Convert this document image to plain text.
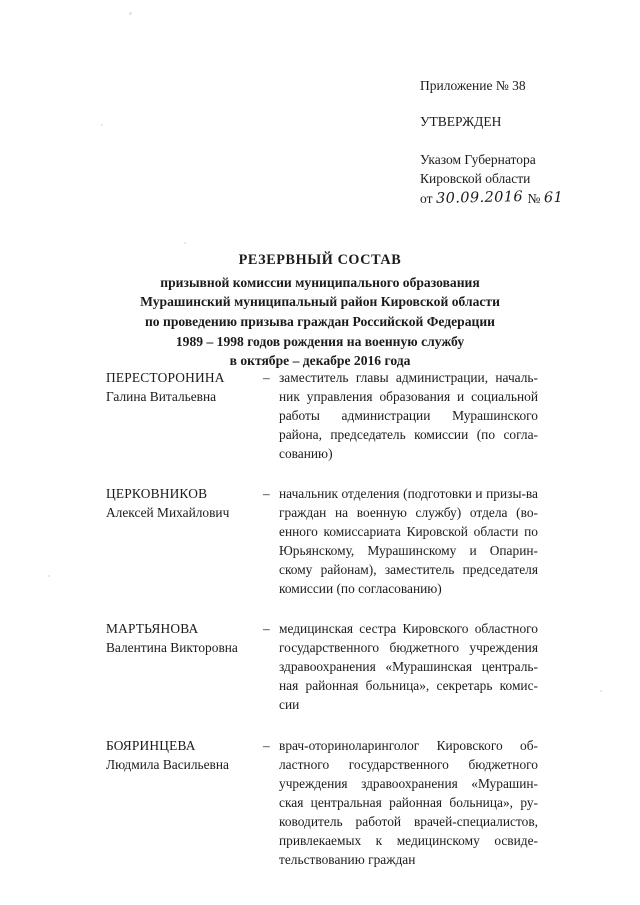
Приложение № 38
УТВЕРЖДЕН
Указом Губернатора
Кировской области
от 30.09.2016 № 61
РЕЗЕРВНЫЙ СОСТАВ
призывной комиссии муниципального образования
Мурашинский муниципальный район Кировской области
по проведению призыва граждан Российской Федерации
1989 – 1998 годов рождения на военную службу
в октябре – декабре 2016 года
ПЕРЕСТОРОНИНА
Галина Витальевна
– заместитель главы администрации, началь-ник управления образования и социальной работы администрации Мурашинского района, председатель комиссии (по согла-сованию)
ЦЕРКОВНИКОВ
Алексей Михайлович
– начальник отделения (подготовки и призы-ва граждан на военную службу) отдела (во-енного комиссариата Кировской области по Юрьянскому, Мурашинскому и Опарин-скому районам), заместитель председателя комиссии (по согласованию)
МАРТЬЯНОВА
Валентина Викторовна
– медицинская сестра Кировского областного государственного бюджетного учреждения здравоохранения «Мурашинская централь-ная районная больница», секретарь комис-сии
БОЯРИНЦЕВА
Людмила Васильевна
– врач-оториноларинголог Кировского об-ластного государственного бюджетного учреждения здравоохранения «Мурашин-ская центральная районная больница», ру-ководитель работой врачей-специалистов, привлекаемых к медицинскому освиде-тельствованию граждан
